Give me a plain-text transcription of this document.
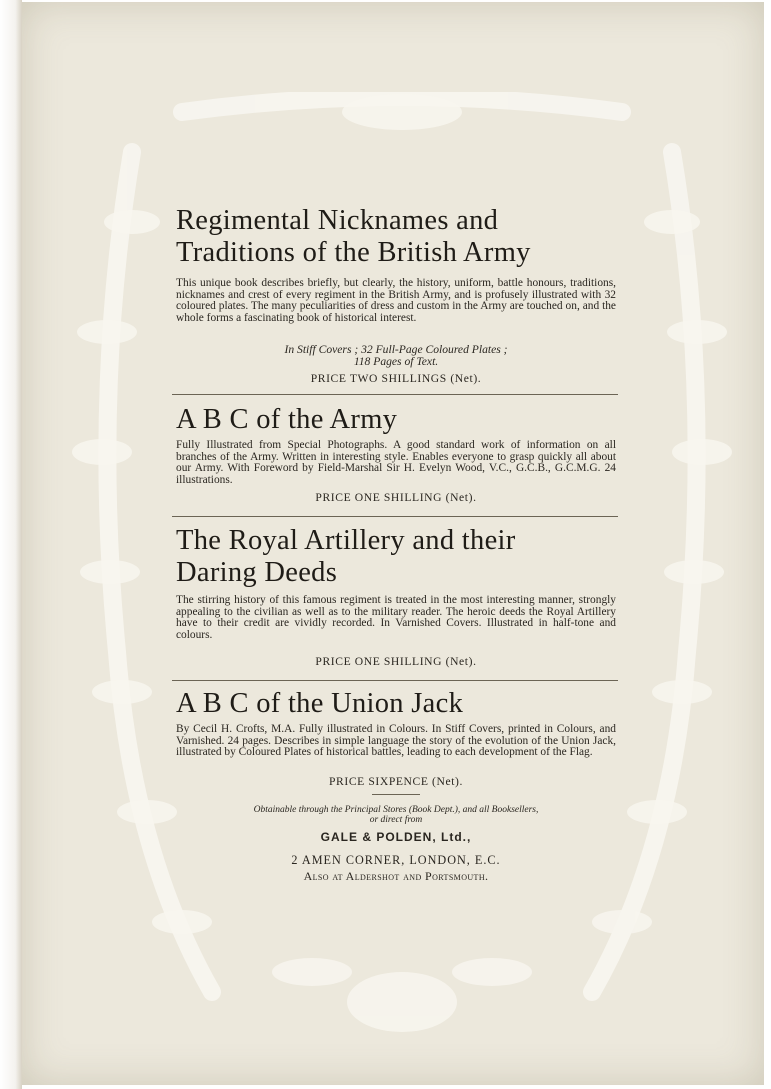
Regimental Nicknames and
Traditions of the British Army

This unique book describes briefly, but clearly, the history, uniform, battle honours, traditions, nicknames and crest of every regiment in the British Army, and is profusely illustrated with 32 coloured plates. The many peculiarities of dress and custom in the Army are touched on, and the whole forms a fascinating book of historical interest.

In Stiff Covers ; 32 Full-Page Coloured Plates ;
118 Pages of Text.

PRICE TWO SHILLINGS (Net).

A B C of the Army

Fully Illustrated from Special Photographs. A good standard work of information on all branches of the Army. Written in interesting style. Enables everyone to grasp quickly all about our Army. With Foreword by Field-Marshal Sir H. Evelyn Wood, V.C., G.C.B., G.C.M.G. 24 illustrations.

PRICE ONE SHILLING (Net).

The Royal Artillery and their
Daring Deeds

The stirring history of this famous regiment is treated in the most interesting manner, strongly appealing to the civilian as well as to the military reader. The heroic deeds the Royal Artillery have to their credit are vividly recorded. In Varnished Covers. Illustrated in half-tone and colours.

PRICE ONE SHILLING (Net).

A B C of the Union Jack

By Cecil H. Crofts, M.A. Fully illustrated in Colours. In Stiff Covers, printed in Colours, and Varnished. 24 pages. Describes in simple language the story of the evolution of the Union Jack, illustrated by Coloured Plates of historical battles, leading to each development of the Flag.

PRICE SIXPENCE (Net).

Obtainable through the Principal Stores (Book Dept.), and all Booksellers,

or direct from

GALE & POLDEN, Ltd.,
2 AMEN CORNER, LONDON, E.C.
Also at Aldershot and Portsmouth.
